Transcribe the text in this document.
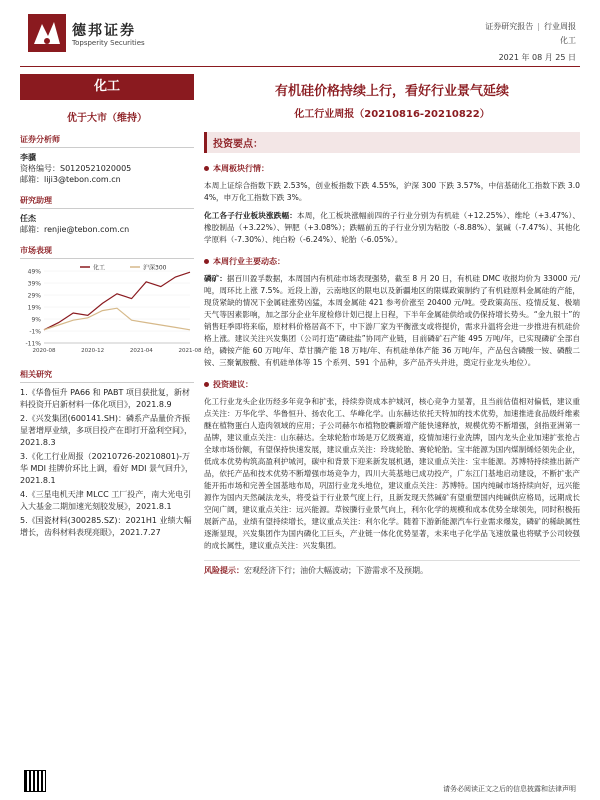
德邦证券
Topsperity Securities
证券研究报告 | 行业周报
化工
2021 年 08 月 25 日
化工
优于大市（维持）
证券分析师
李骥
资格编号：S0120521020005
邮箱：liji3@tebon.com.cn
研究助理
任杰
邮箱：renjie@tebon.com.cn
市场表现
49%
39%
29%
19%
9%
-1%
-11%
2020-08	2020-12	2021-04	2021-08
化工	沪深300
相关研究
1.《华鲁恒升 PA66 和 PABT 项目获批复，新材料投资开启新材料一体化项目》，2021.8.9
2.《兴发集团(600141.SH)：磷系产品量价齐振显著增厚业绩，多项目投产在即打开盈利空间》，2021.8.3
3.《化工行业周报（20210726-20210801)-万华 MDI 挂牌价环比上调，看好 MDI 景气回升》，2021.8.1
4.《三星电机天津 MLCC 工厂投产，南大光电引入大基金二期加速光刻胶发展》，2021.8.1
5.《国瓷材料(300285.SZ)：2021H1 业绩大幅增长，齿科材料表现亮眼》，2021.7.27
有机硅价格持续上行，看好行业景气延续
化工行业周报（20210816-20210822）
投资要点：
本周板块行情：
本周上证综合指数下跌 2.53%，创业板指数下跌 4.55%，沪深 300 下跌 3.57%，中信基础化工指数下跌 3.04%，申万化工指数下跌 3%。
化工各子行业板块涨跌幅：本周，化工板块涨幅前四的子行业分别为有机硅（+12.25%）、维纶（+3.47%）、橡胶制品（+3.22%）、钾肥（+3.08%）；跌幅前五的子行业分别为粘胶（-8.88%）、氯碱（-7.47%）、其他化学原料（-7.30%）、纯白粉（-6.24%）、轮胎（-6.05%）。
本周行业主要动态：
磷矿：据百川盈孚数据，本周国内有机硅市场表现强势，截至 8 月 20 日，有机硅 DMC 收报均价为 33000 元/吨，周环比上涨 7.5%。近段上游，云南地区的限电以及新疆地区的限媒政策制约了有机硅原料金属硅的产能，现货紧缺的情况下金属硅涨势凶猛，本周金属硅 421 参考价涨至 20400 元/吨。受政策高压、疫情反复、极端天气等因素影响，加之部分企业年度检修计划已提上日程，下半年金属硅供给或仍保持增长势头。“金九银十”的销售旺季即将来临，原材料价格居高不下，中下游厂家为平衡涨支或将提价，需求升温将会进一步推进有机硅价格上涨。建议关注兴发集团（公司打造“磷硅盐”协同产业链，目前磷矿石产能 495 万吨/年，已实现磷矿全部自给，磷铵产能 60 万吨/年、草甘膦产能 18 万吨/年、有机硅单体产能 36 万吨/年，产品包含磷酸一铵、磷酸二铵、三聚氰胺酸、有机硅单体等 15 个系列、591 个品种，多产品齐头并进，奠定行业龙头地位）。
投资建议：
化工行业龙头企业历经多年竞争和扩张，持续券资成本护城河，核心竞争力显著，且当前估值相对偏低，建议重点关注：万华化学、华鲁恒升、扬农化工、华峰化学。山东赫达依托天特加的技术优势，加速推进食品级纤维素醚在植物蛋白人造肉领域的应用；子公司赫尔布植物胶囊新增产能快速释放，规模优势不断增强，剑指亚洲第一品牌，建议重点关注：山东赫达。全球轮胎市场是万亿级赛道，疫情加速行业洗牌，国内龙头企业加速扩张抢占全球市场份额，有望保持快速发展，建议重点关注：玲珑轮胎、赛轮轮胎。宝丰能源为国内煤制烯烃领先企业，低成本优势构筑高盈利护城河，碳中和背景下迎来新发展机遇，建议重点关注：宝丰能源。苏博特持续推出新产品，依托产品和技术优势不断增强市场竞争力，四川大英基地已成功投产，广东江门基地启动建设，不断扩张产能开拓市场和完善全国基地布局，巩固行业龙头地位，建议重点关注：苏博特。国内纯碱市场持续向好，远兴能源作为国内天然碱法龙头，将受益于行业景气度上行，且新发现天然碱矿有望重塑国内纯碱供应格局，远期成长空间广阔，建议重点关注：远兴能源。草铵膦行业景气向上，利尔化学的规模和成本优势全球领先，同时积极拓展新产品，业绩有望持续增长，建议重点关注：利尔化学。随着下游新能源汽车行业需求爆发，磷矿的稀缺属性逐渐显现，兴发集团作为国内磷化工巨头，产业链一体化优势显著，未来电子化学品飞速放量也将赋予公司较强的成长属性，建议重点关注：兴发集团。
风险提示：宏观经济下行；油价大幅波动；下游需求不及预期。
请务必阅读正文之后的信息披露和法律声明
